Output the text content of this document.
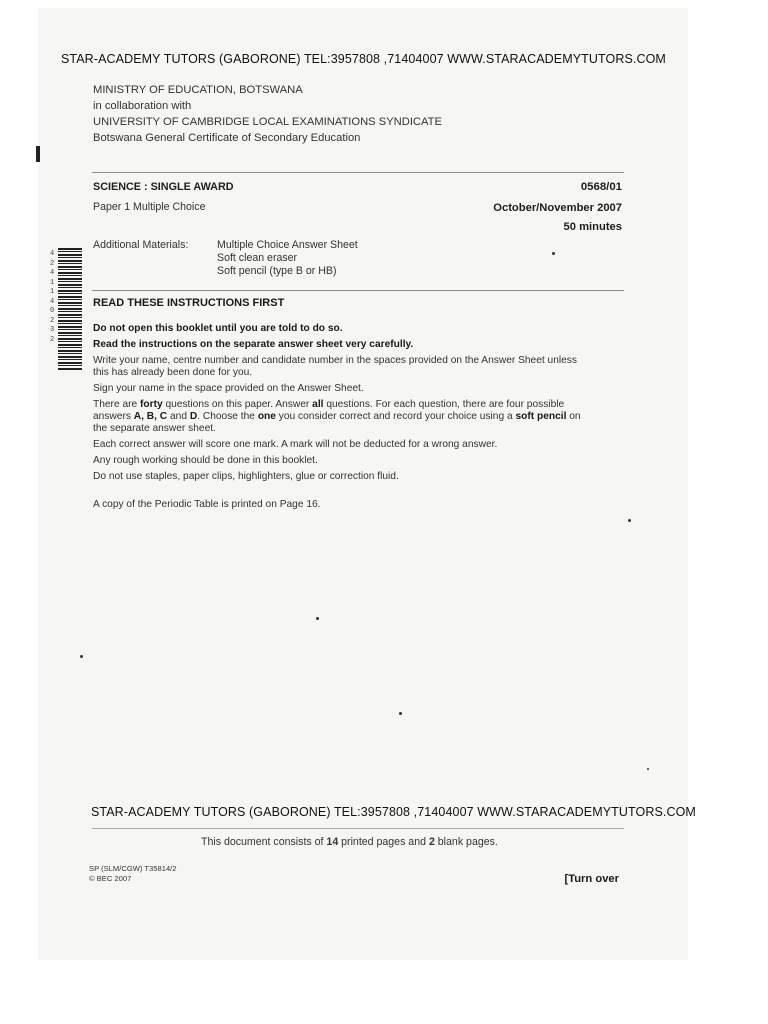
STAR-ACADEMY TUTORS (GABORONE) TEL:3957808 ,71404007 WWW.STARACADEMYTUTORS.COM
MINISTRY OF EDUCATION, BOTSWANA
in collaboration with
UNIVERSITY OF CAMBRIDGE LOCAL EXAMINATIONS SYNDICATE
Botswana General Certificate of Secondary Education
SCIENCE : SINGLE AWARD	0568/01
Paper 1 Multiple Choice	October/November 2007
50 minutes
Additional Materials:	Multiple Choice Answer Sheet
Soft clean eraser
Soft pencil (type B or HB)
4241140232
READ THESE INSTRUCTIONS FIRST
Do not open this booklet until you are told to do so.
Read the instructions on the separate answer sheet very carefully.
Write your name, centre number and candidate number in the spaces provided on the Answer Sheet unless
this has already been done for you.
Sign your name in the space provided on the Answer Sheet.
There are forty questions on this paper. Answer all questions. For each question, there are four possible
answers A, B, C and D. Choose the one you consider correct and record your choice using a soft pencil on
the separate answer sheet.
Each correct answer will score one mark. A mark will not be deducted for a wrong answer.
Any rough working should be done in this booklet.
Do not use staples, paper clips, highlighters, glue or correction fluid.
A copy of the Periodic Table is printed on Page 16.
STAR-ACADEMY TUTORS (GABORONE) TEL:3957808 ,71404007 WWW.STARACADEMYTUTORS.COM
This document consists of 14 printed pages and 2 blank pages.
SP (SLM/CGW) T35814/2
© BEC 2007	[Turn over
